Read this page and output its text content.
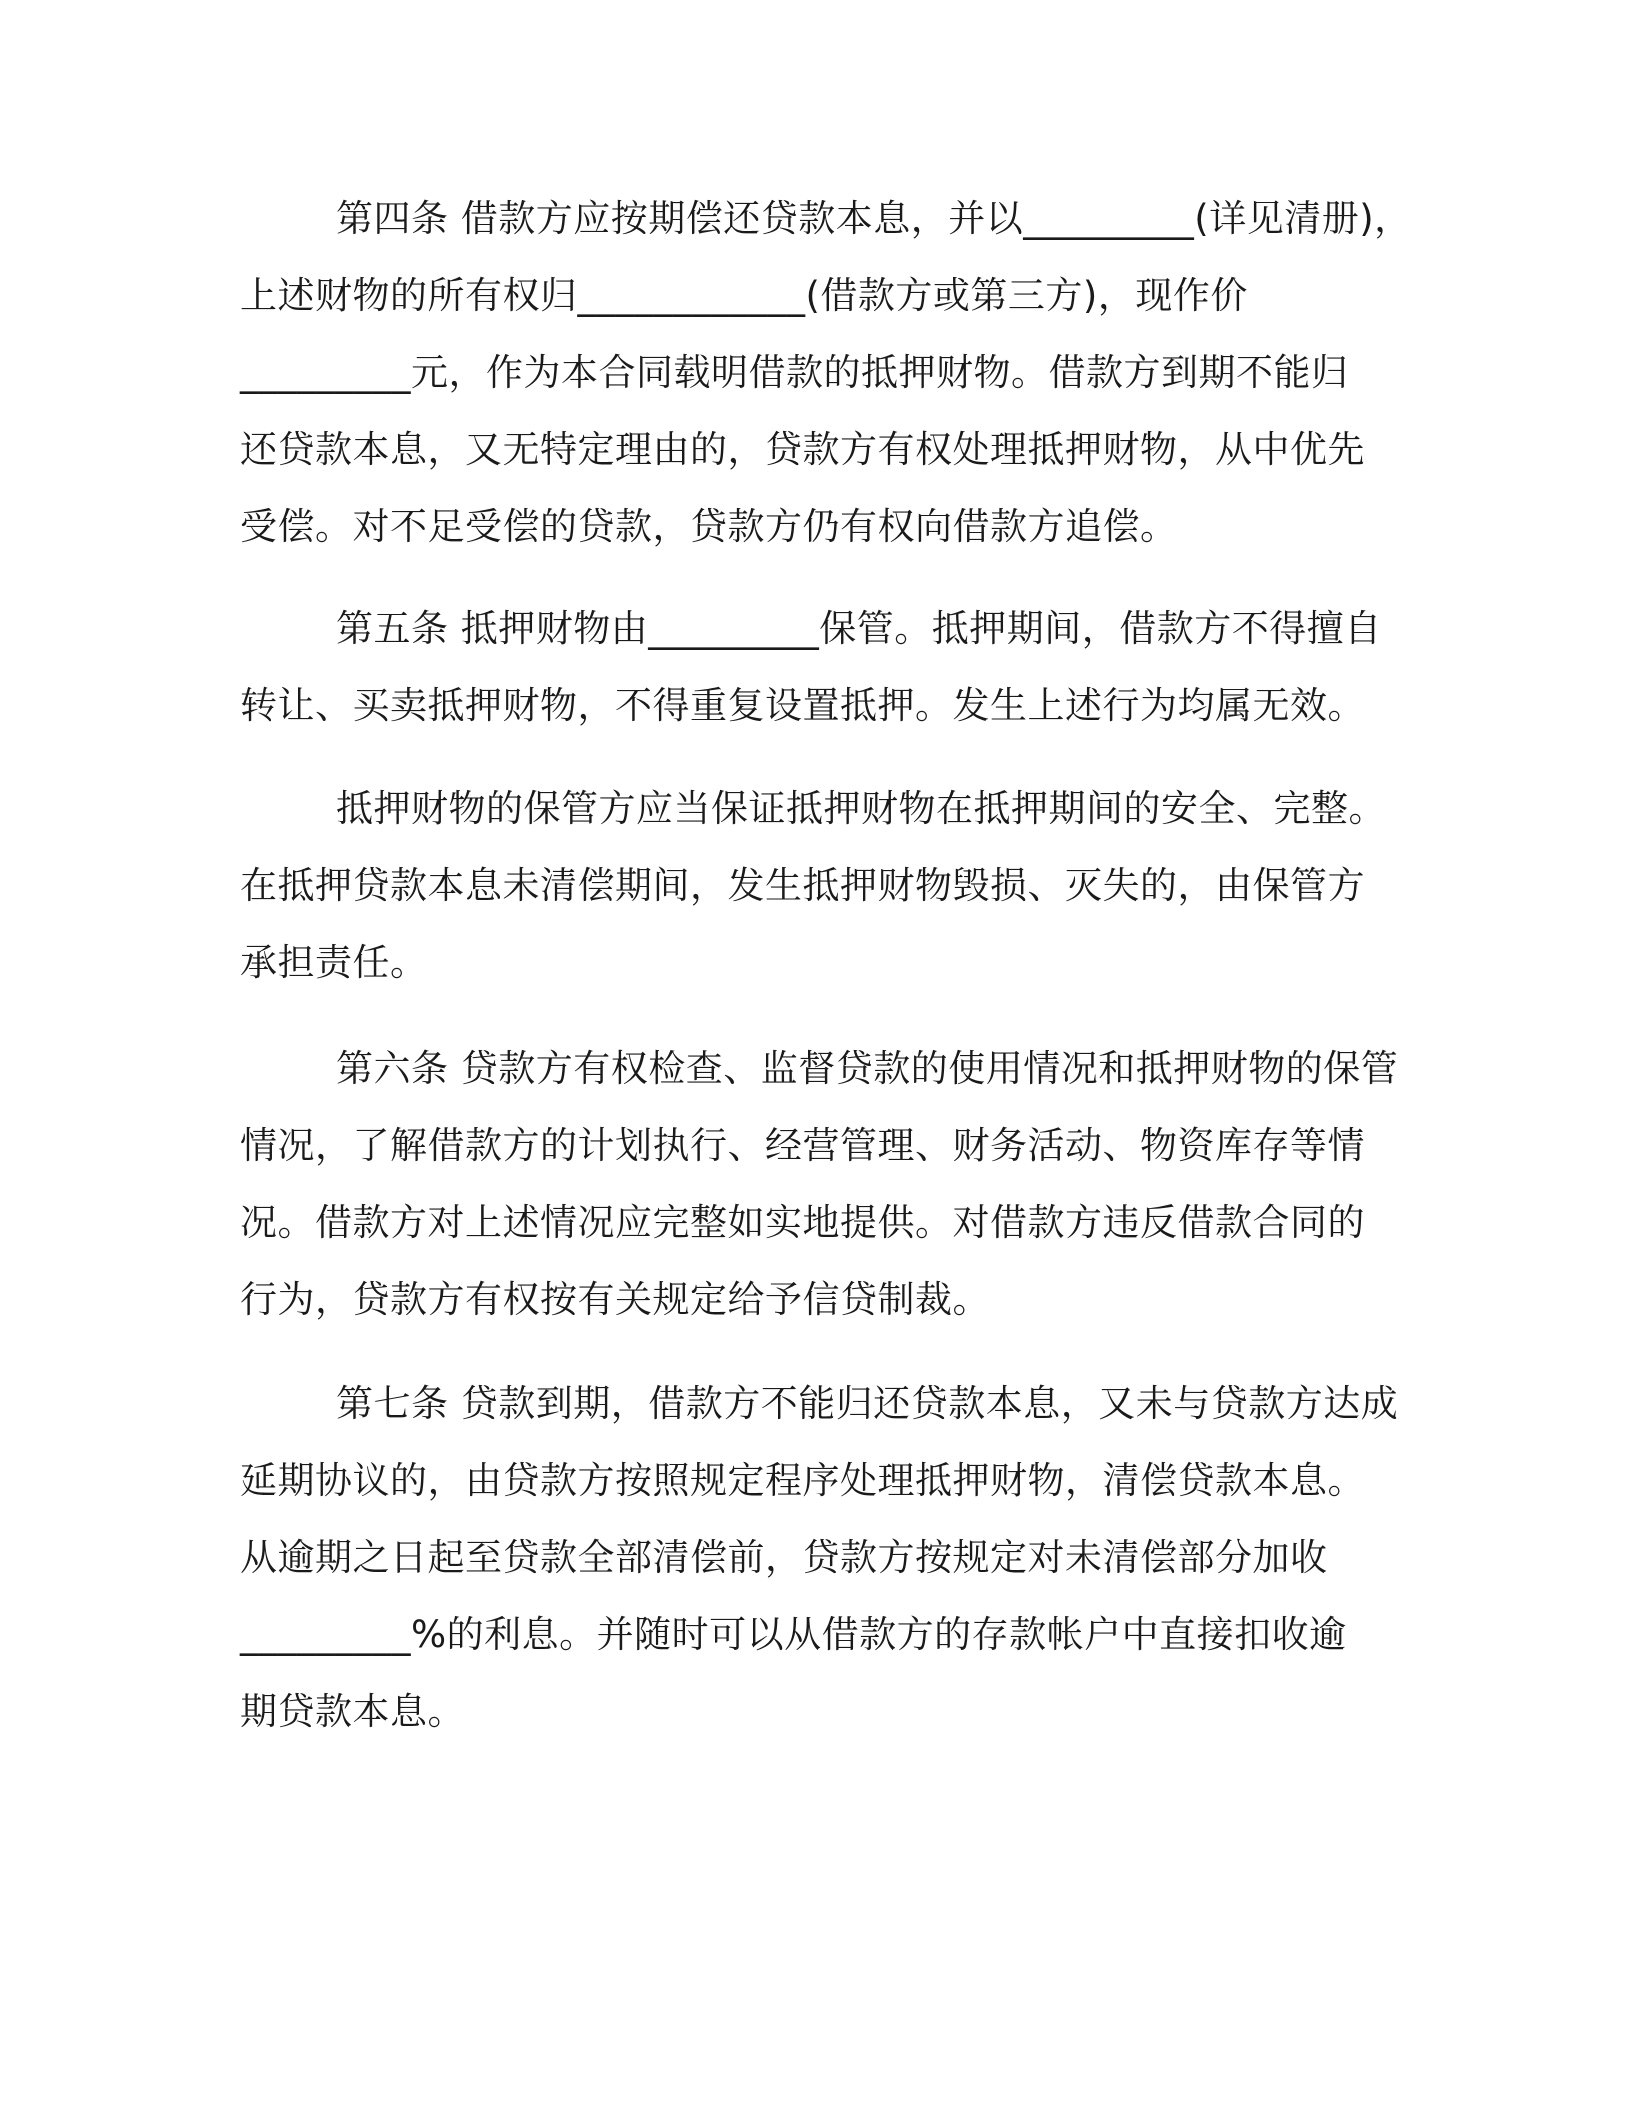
第四条 借款方应按期偿还贷款本息，并以_________(详见清册)，
上述财物的所有权归____________(借款方或第三方)，现作价
_________元，作为本合同载明借款的抵押财物。借款方到期不能归
还贷款本息，又无特定理由的，贷款方有权处理抵押财物，从中优先
受偿。对不足受偿的贷款，贷款方仍有权向借款方追偿。
第五条 抵押财物由_________保管。抵押期间，借款方不得擅自
转让、买卖抵押财物，不得重复设置抵押。发生上述行为均属无效。
抵押财物的保管方应当保证抵押财物在抵押期间的安全、完整。
在抵押贷款本息未清偿期间，发生抵押财物毁损、灭失的，由保管方
承担责任。
第六条 贷款方有权检查、监督贷款的使用情况和抵押财物的保管
情况，了解借款方的计划执行、经营管理、财务活动、物资库存等情
况。借款方对上述情况应完整如实地提供。对借款方违反借款合同的
行为，贷款方有权按有关规定给予信贷制裁。
第七条 贷款到期，借款方不能归还贷款本息，又未与贷款方达成
延期协议的，由贷款方按照规定程序处理抵押财物，清偿贷款本息。
从逾期之日起至贷款全部清偿前，贷款方按规定对未清偿部分加收
_________%的利息。并随时可以从借款方的存款帐户中直接扣收逾
期贷款本息。
